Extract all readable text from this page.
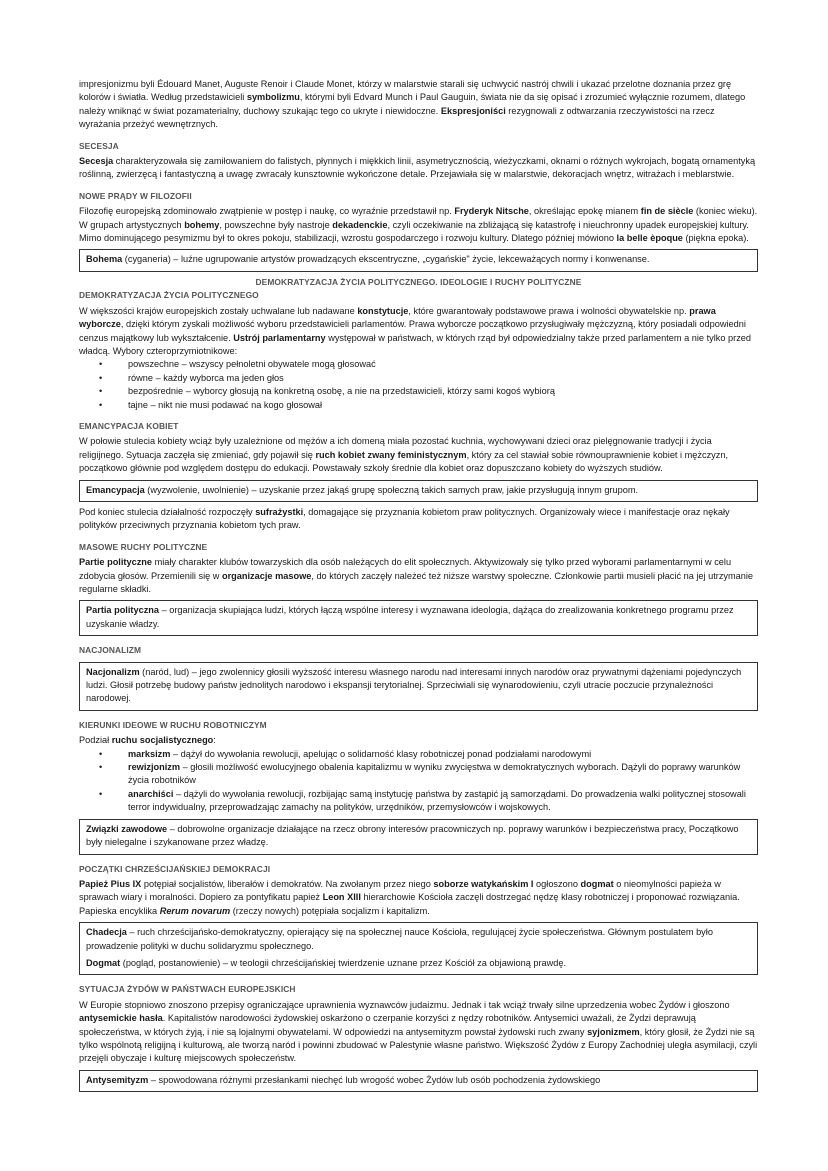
impresjonizmu byli Édouard Manet, Auguste Renoir i Claude Monet, którzy w malarstwie starali się uchwycić nastrój chwili i ukazać przelotne doznania przez grę kolorów i światła. Według przedstawicieli symbolizmu, którymi byli Edvard Munch i Paul Gauguin, świata nie da się opisać i zrozumieć wyłącznie rozumem, dlatego należy wniknąć w świat pozamaterialny, duchowy szukając tego co ukryte i niewidoczne. Ekspresjoniści rezygnowali z odtwarzania rzeczywistości na rzecz wyrażania przeżyć wewnętrznych.

SECESJA

Secesja charakteryzowała się zamiłowaniem do falistych, płynnych i miękkich linii, asymetrycznością, wieżyczkami, oknami o różnych wykrojach, bogatą ornamentyką roślinną, zwierzęcą i fantastyczną a uwagę zwracały kunsztownie wykończone detale. Przejawiała się w malarstwie, dekoracjach wnętrz, witrażach i meblarstwie.

NOWE PRĄDY W FILOZOFII

Filozofię europejską zdominowało zwątpienie w postęp i naukę, co wyraźnie przedstawił np. Fryderyk Nitsche, określając epokę mianem fin de siècle (koniec wieku). W grupach artystycznych bohemy, powszechne były nastroje dekadenckie, czyli oczekiwanie na zbliżającą się katastrofę i nieuchronny upadek europejskiej kultury. Mimo dominującego pesymizmu był to okres pokoju, stabilizacji, wzrostu gospodarczego i rozwoju kultury. Dlatego później mówiono la belle èpoque (piękna epoka).

Bohema (cyganeria) – luźne ugrupowanie artystów prowadzących ekscentryczne, „cygańskie" życie, lekceważących normy i konwenanse.

DEMOKRATYZACJA ŻYCIA POLITYCZNEGO. IDEOLOGIE I RUCHY POLITYCZNE
DEMOKRATYZACJA ŻYCIA POLITYCZNEGO

W większości krajów europejskich zostały uchwalane lub nadawane konstytucje, które gwarantowały podstawowe prawa i wolności obywatelskie np. prawa wyborcze, dzięki którym zyskali możliwość wyboru przedstawicieli parlamentów. Prawa wyborcze początkowo przysługiwały mężczyzną, który posiadali odpowiedni cenzus majątkowy lub wykształcenie. Ustrój parlamentarny występował w państwach, w których rząd był odpowiedzialny także przed parlamentem a nie tylko przed władcą. Wybory czteroprzymiotnikowe:

•	powszechne – wszyscy pełnoletni obywatele mogą głosować
•	równe – każdy wyborca ma jeden głos
•	bezpośrednie – wyborcy głosują na konkretną osobę, a nie na przedstawicieli, którzy sami kogoś wybiorą
•	tajne – nikt nie musi podawać na kogo głosował
EMANCYPACJA KOBIET

W połowie stulecia kobiety wciąż były uzależnione od mężów a ich domeną miała pozostać kuchnia, wychowywani dzieci oraz pielęgnowanie tradycji i życia religijnego. Sytuacja zaczęła się zmieniać, gdy pojawił się ruch kobiet zwany feministycznym, który za cel stawiał sobie równouprawnienie kobiet i mężczyzn, początkowo głównie pod względem dostępu do edukacji. Powstawały szkoły średnie dla kobiet oraz dopuszczano kobiety do wyższych studiów.

Emancypacja (wyzwolenie, uwolnienie) – uzyskanie przez jakąś grupę społeczną takich samych praw, jakie przysługują innym grupom.

Pod koniec stulecia działalność rozpoczęły sufrażystki, domagające się przyznania kobietom praw politycznych. Organizowały wiece i manifestacje oraz nękały polityków przeciwnych przyznania kobietom tych praw.

MASOWE RUCHY POLITYCZNE

Partie polityczne miały charakter klubów towarzyskich dla osób należących do elit społecznych. Aktywizowały się tylko przed wyborami parlamentarnymi w celu zdobycia głosów. Przemienili się w organizacje masowe, do których zaczęły należeć też niższe warstwy społeczne. Członkowie partii musieli płacić na jej utrzymanie regularne składki.

Partia polityczna – organizacja skupiająca ludzi, których łączą wspólne interesy i wyznawana ideologia, dążąca do zrealizowania konkretnego programu przez uzyskanie władzy.

NACJONALIZM

Nacjonalizm (naród, lud) – jego zwolennicy głosili wyższość interesu własnego narodu nad interesami innych narodów oraz prywatnymi dążeniami pojedynczych ludzi. Głosił potrzebę budowy państw jednolitych narodowo i ekspansji terytorialnej. Sprzeciwiali się wynarodowieniu, czyli utracie poczucie przynależności narodowej.

KIERUNKI IDEOWE W RUCHU ROBOTNICZYM

Podział ruchu socjalistycznego:

•	marksizm – dążył do wywołania rewolucji, apelując o solidarność klasy robotniczej ponad podziałami narodowymi
•	rewizjonizm – głosili możliwość ewolucyjnego obalenia kapitalizmu w wyniku zwycięstwa w demokratycznych wyborach. Dążyli do poprawy warunków życia robotników
•	anarchiści – dążyli do wywołania rewolucji, rozbijając samą instytucję państwa by zastąpić ją samorządami. Do prowadzenia walki politycznej stosowali terror indywidualny, przeprowadzając zamachy na polityków, urzędników, przemysłowców i wojskowych.

Związki zawodowe – dobrowolne organizacje działające na rzecz obrony interesów pracowniczych np. poprawy warunków i bezpieczeństwa pracy, Początkowo były nielegalne i szykanowane przez władzę.

POCZĄTKI CHRZEŚCIJAŃSKIEJ DEMOKRACJI

Papież Pius IX potępiał socjalistów, liberałów i demokratów. Na zwołanym przez niego soborze watykańskim I ogłoszono dogmat o nieomylności papieża w sprawach wiary i moralności. Dopiero za pontyfikatu papież Leon XIII hierarchowie Kościoła zaczęli dostrzegać nędzę klasy robotniczej i proponować rozwiązania. Papieska encyklika Rerum novarum (rzeczy nowych) potępiała socjalizm i kapitalizm.

Chadecja – ruch chrześcijańsko-demokratyczny, opierający się na społecznej nauce Kościoła, regulującej życie społeczeństwa. Głównym postulatem było prowadzenie polityki w duchu solidaryzmu społecznego.

Dogmat (pogląd, postanowienie) – w teologii chrześcijańskiej twierdzenie uznane przez Kościół za objawioną prawdę.

SYTUACJA ŻYDÓW W PAŃSTWACH EUROPEJSKICH

W Europie stopniowo znoszono przepisy ograniczające uprawnienia wyznawców judaizmu. Jednak i tak wciąż trwały silne uprzedzenia wobec Żydów i głoszono antysemickie hasła. Kapitalistów narodowości żydowskiej oskarżono o czerpanie korzyści z nędzy robotników. Antysemici uważali, że Żydzi deprawują społeczeństwa, w których żyją, i nie są lojalnymi obywatelami. W odpowiedzi na antysemityzm powstał żydowski ruch zwany syjonizmem, który głosił, że Żydzi nie są tylko wspólnotą religijną i kulturową, ale tworzą naród i powinni zbudować w Palestynie własne państwo. Większość Żydów z Europy Zachodniej uległa asymilacji, czyli przejęli obyczaje i kulturę miejscowych społeczeństw.

Antysemityzm – spowodowana różnymi przesłankami niechęć lub wrogość wobec Żydów lub osób pochodzenia żydowskiego
